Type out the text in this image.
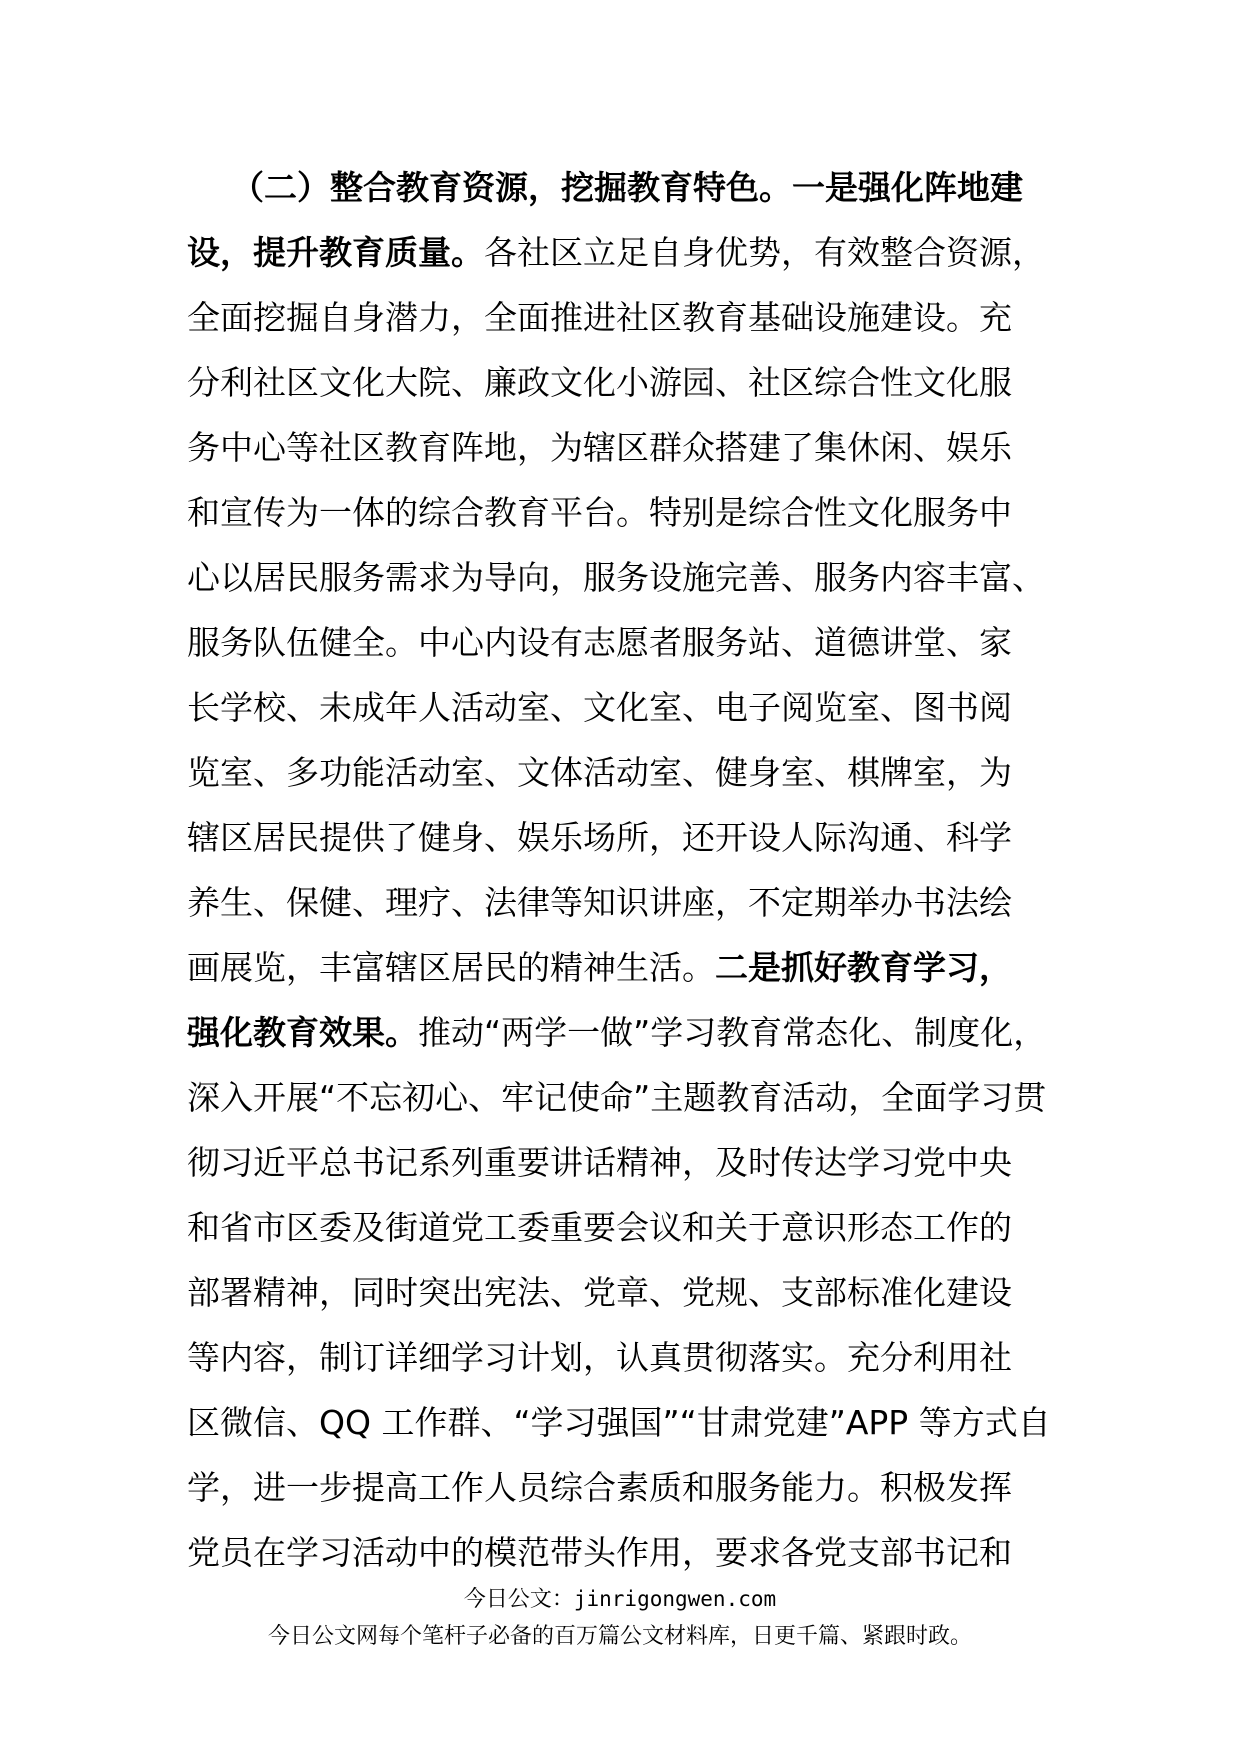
（二）整合教育资源，挖掘教育特色。一是强化阵地建
设，提升教育质量。各社区立足自身优势，有效整合资源，
全面挖掘自身潜力，全面推进社区教育基础设施建设。充
分利社区文化大院、廉政文化小游园、社区综合性文化服
务中心等社区教育阵地，为辖区群众搭建了集休闲、娱乐
和宣传为一体的综合教育平台。特别是综合性文化服务中
心以居民服务需求为导向，服务设施完善、服务内容丰富、
服务队伍健全。中心内设有志愿者服务站、道德讲堂、家
长学校、未成年人活动室、文化室、电子阅览室、图书阅
览室、多功能活动室、文体活动室、健身室、棋牌室，为
辖区居民提供了健身、娱乐场所，还开设人际沟通、科学
养生、保健、理疗、法律等知识讲座，不定期举办书法绘
画展览，丰富辖区居民的精神生活。二是抓好教育学习，
强化教育效果。推动“两学一做”学习教育常态化、制度化，
深入开展“不忘初心、牢记使命”主题教育活动，全面学习贯
彻习近平总书记系列重要讲话精神，及时传达学习党中央
和省市区委及街道党工委重要会议和关于意识形态工作的
部署精神，同时突出宪法、党章、党规、支部标准化建设
等内容，制订详细学习计划，认真贯彻落实。充分利用社
区微信、QQ 工作群、“学习强国”“甘肃党建”APP 等方式自
学，进一步提高工作人员综合素质和服务能力。积极发挥
党员在学习活动中的模范带头作用，要求各党支部书记和
今日公文：jinrigongwen.com
今日公文网每个笔杆子必备的百万篇公文材料库，日更千篇、紧跟时政。
